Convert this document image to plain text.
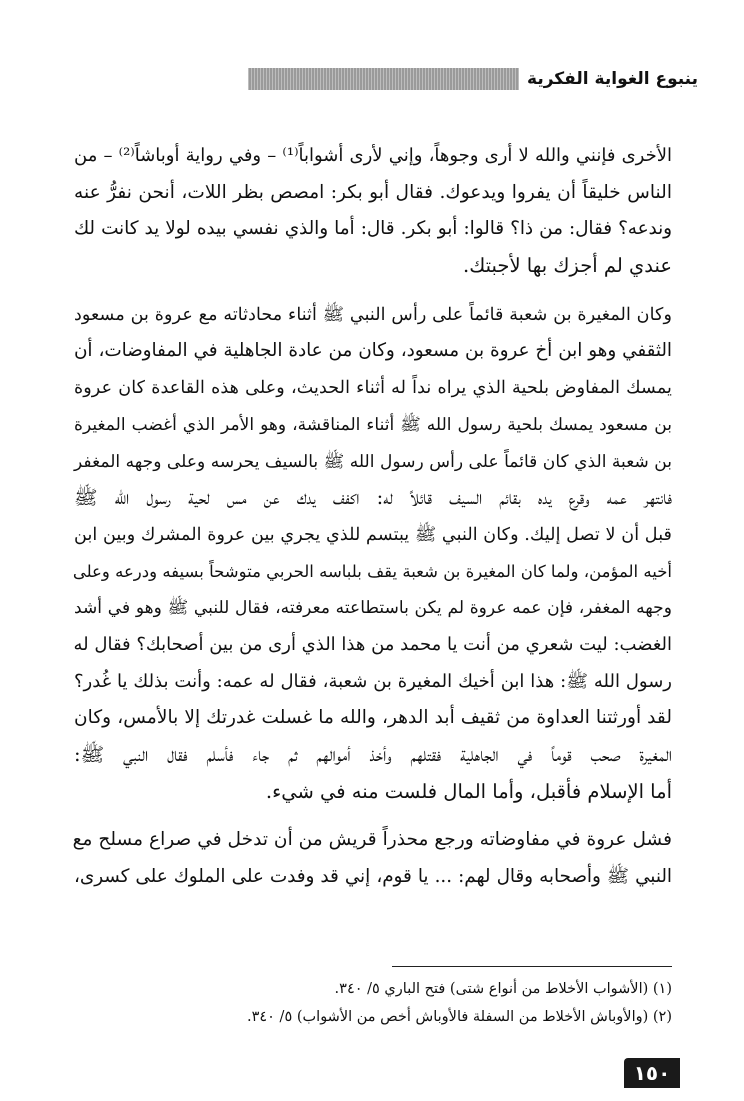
ينبوع الغواية الفكرية
الأخرى فإنني والله لا أرى وجوهاً، وإني لأرى أشواباً⁽¹⁾ – وفي رواية أوباشاً⁽²⁾ – من
الناس خليقاً أن يفروا ويدعوك. فقال أبو بكر: امصص بظر اللات، أنحن نفرُّ عنه
وندعه؟ فقال: من ذا؟ قالوا: أبو بكر. قال: أما والذي نفسي بيده لولا يد كانت لك
عندي لم أجزك بها لأجبتك.
وكان المغيرة بن شعبة قائماً على رأس النبي ﷺ أثناء محادثاته مع عروة بن مسعود
الثقفي وهو ابن أخ عروة بن مسعود، وكان من عادة الجاهلية في المفاوضات، أن
يمسك المفاوض بلحية الذي يراه نداً له أثناء الحديث، وعلى هذه القاعدة كان عروة
بن مسعود يمسك بلحية رسول الله ﷺ أثناء المناقشة، وهو الأمر الذي أغضب المغيرة
بن شعبة الذي كان قائماً على رأس رسول الله ﷺ بالسيف يحرسه وعلى وجهه المغفر
فانتهر عمه وقرع يده بقائم السيف قائلاً له: اكفف يدك عن مس لحية رسول الله ﷺ
قبل أن لا تصل إليك. وكان النبي ﷺ يبتسم للذي يجري بين عروة المشرك وبين ابن
أخيه المؤمن، ولما كان المغيرة بن شعبة يقف بلباسه الحربي متوشحاً بسيفه ودرعه وعلى
وجهه المغفر، فإن عمه عروة لم يكن باستطاعته معرفته، فقال للنبي ﷺ وهو في أشد
الغضب: ليت شعري من أنت يا محمد من هذا الذي أرى من بين أصحابك؟ فقال له
رسول الله ﷺ: هذا ابن أخيك المغيرة بن شعبة، فقال له عمه: وأنت بذلك يا غُدر؟
لقد أورثتنا العداوة من ثقيف أبد الدهر، والله ما غسلت غدرتك إلا بالأمس، وكان
المغيرة صحب قوماً في الجاهلية فقتلهم وأخذ أموالهم ثم جاء فأسلم فقال النبي ﷺ:
أما الإسلام فأقبل، وأما المال فلست منه في شيء.
فشل عروة في مفاوضاته ورجع محذراً قريش من أن تدخل في صراع مسلح مع
النبي ﷺ وأصحابه وقال لهم: ... يا قوم، إني قد وفدت على الملوك على كسرى،
(١) (الأشواب الأخلاط من أنواع شتى) فتح الباري ٥/ ٣٤٠.
(٢) (والأوباش الأخلاط من السفلة فالأوباش أخص من الأشواب) ٥/ ٣٤٠.
١٥٠
